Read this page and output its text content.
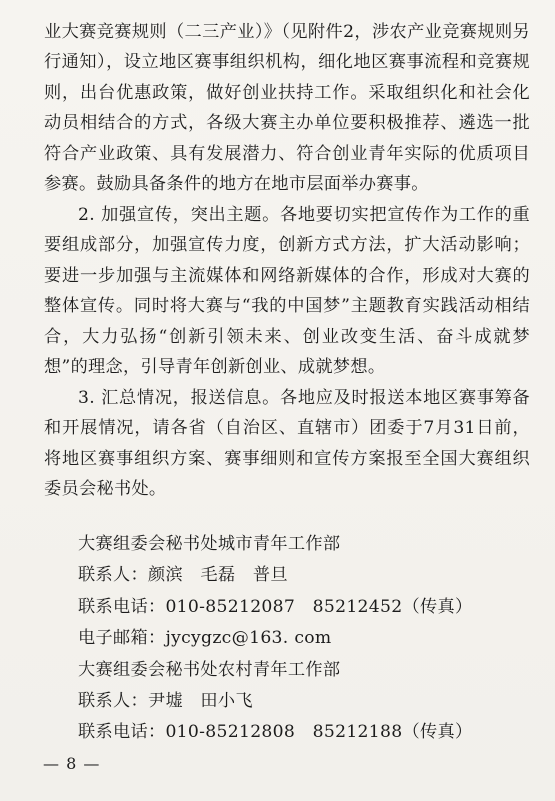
业大赛竞赛规则（二三产业）》（见附件2，涉农产业竞赛规则另行通知），设立地区赛事组织机构，细化地区赛事流程和竞赛规则，出台优惠政策，做好创业扶持工作。采取组织化和社会化动员相结合的方式，各级大赛主办单位要积极推荐、遴选一批符合产业政策、具有发展潜力、符合创业青年实际的优质项目参赛。鼓励具备条件的地方在地市层面举办赛事。

2. 加强宣传，突出主题。各地要切实把宣传作为工作的重要组成部分，加强宣传力度，创新方式方法，扩大活动影响；要进一步加强与主流媒体和网络新媒体的合作，形成对大赛的整体宣传。同时将大赛与“我的中国梦”主题教育实践活动相结合，大力弘扬“创新引领未来、创业改变生活、奋斗成就梦想”的理念，引导青年创新创业、成就梦想。

3. 汇总情况，报送信息。各地应及时报送本地区赛事筹备和开展情况，请各省（自治区、直辖市）团委于7月31日前，将地区赛事组织方案、赛事细则和宣传方案报至全国大赛组织委员会秘书处。

大赛组委会秘书处城市青年工作部
联系人：颜滨　毛磊　普旦
联系电话：010-85212087　85212452（传真）
电子邮箱：jycygzc@163. com
大赛组委会秘书处农村青年工作部
联系人：尹墟　田小飞
联系电话：010-85212808　85212188（传真）
— 8 —
